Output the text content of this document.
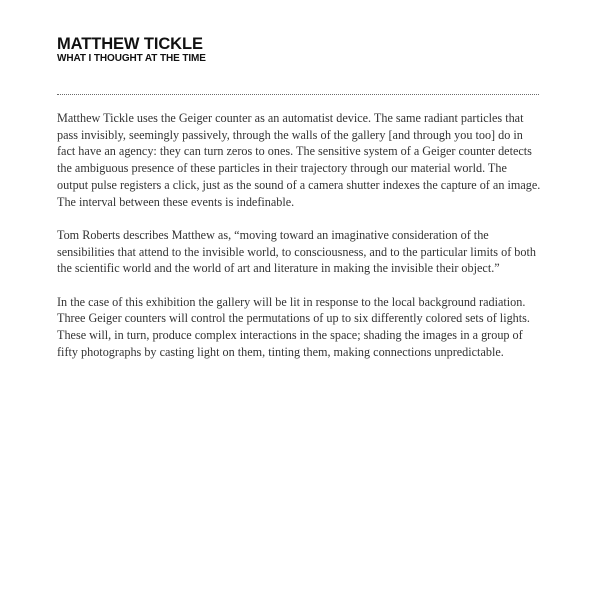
MATTHEW TICKLE
WHAT I THOUGHT AT THE TIME

Matthew Tickle uses the Geiger counter as an automatist device. The same radiant particles that pass invisibly, seemingly passively, through the walls of the gallery [and through you too] do in fact have an agency: they can turn zeros to ones. The sensitive system of a Geiger counter detects the ambiguous presence of these particles in their trajectory through our material world. The output pulse registers a click, just as the sound of a camera shutter indexes the capture of an image. The interval between these events is indefinable.

Tom Roberts describes Matthew as, “moving toward an imaginative consideration of the sensibilities that attend to the invisible world, to consciousness, and to the particular limits of both the scientific world and the world of art and literature in making the invisible their object.”

In the case of this exhibition the gallery will be lit in response to the local background radiation. Three Geiger counters will control the permutations of up to six differently colored sets of lights. These will, in turn, produce complex interactions in the space; shading the images in a group of fifty photographs by casting light on them, tinting them, making connections unpredictable.
